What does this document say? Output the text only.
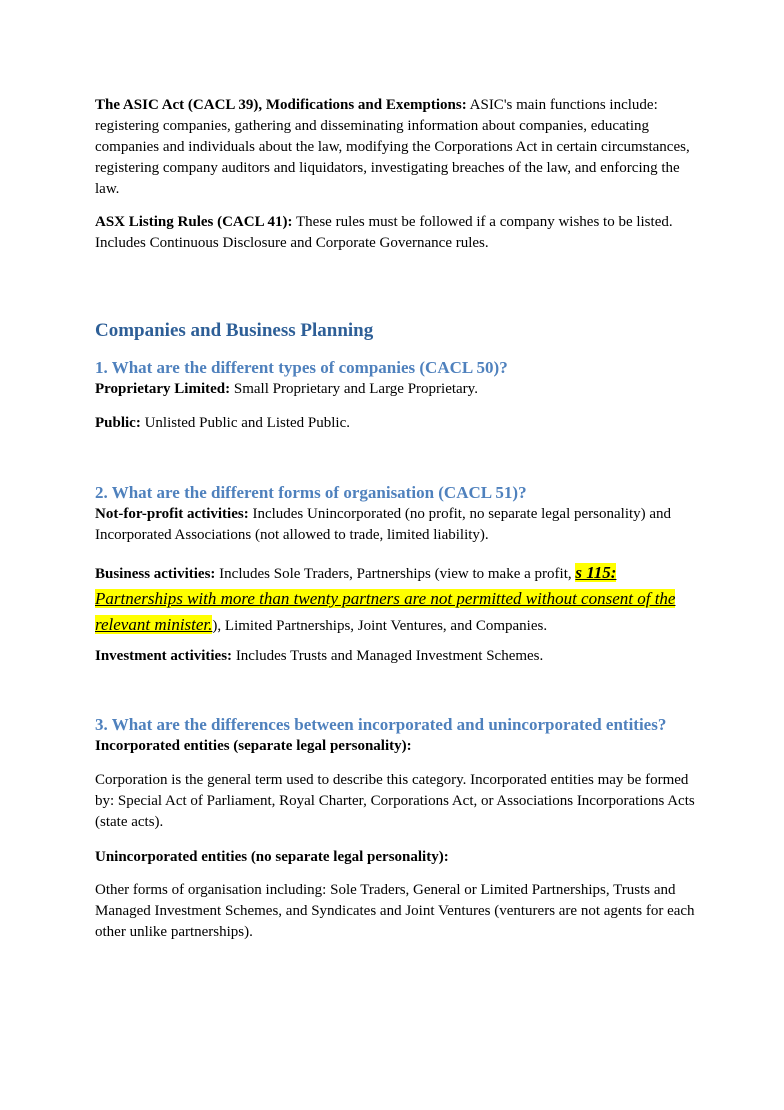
The ASIC Act (CACL 39), Modifications and Exemptions: ASIC's main functions include: registering companies, gathering and disseminating information about companies, educating companies and individuals about the law, modifying the Corporations Act in certain circumstances, registering company auditors and liquidators, investigating breaches of the law, and enforcing the law.

ASX Listing Rules (CACL 41): These rules must be followed if a company wishes to be listed. Includes Continuous Disclosure and Corporate Governance rules.

Companies and Business Planning
1. What are the different types of companies (CACL 50)?

Proprietary Limited: Small Proprietary and Large Proprietary.

Public: Unlisted Public and Listed Public.

2. What are the different forms of organisation (CACL 51)?

Not-for-profit activities: Includes Unincorporated (no profit, no separate legal personality) and Incorporated Associations (not allowed to trade, limited liability).

Business activities: Includes Sole Traders, Partnerships (view to make a profit, s 115: Partnerships with more than twenty partners are not permitted without consent of the relevant minister.), Limited Partnerships, Joint Ventures, and Companies.

Investment activities: Includes Trusts and Managed Investment Schemes.

3. What are the differences between incorporated and unincorporated entities?

Incorporated entities (separate legal personality):

Corporation is the general term used to describe this category. Incorporated entities may be formed by: Special Act of Parliament, Royal Charter, Corporations Act, or Associations Incorporations Acts (state acts).

Unincorporated entities (no separate legal personality):

Other forms of organisation including: Sole Traders, General or Limited Partnerships, Trusts and Managed Investment Schemes, and Syndicates and Joint Ventures (venturers are not agents for each other unlike partnerships).
